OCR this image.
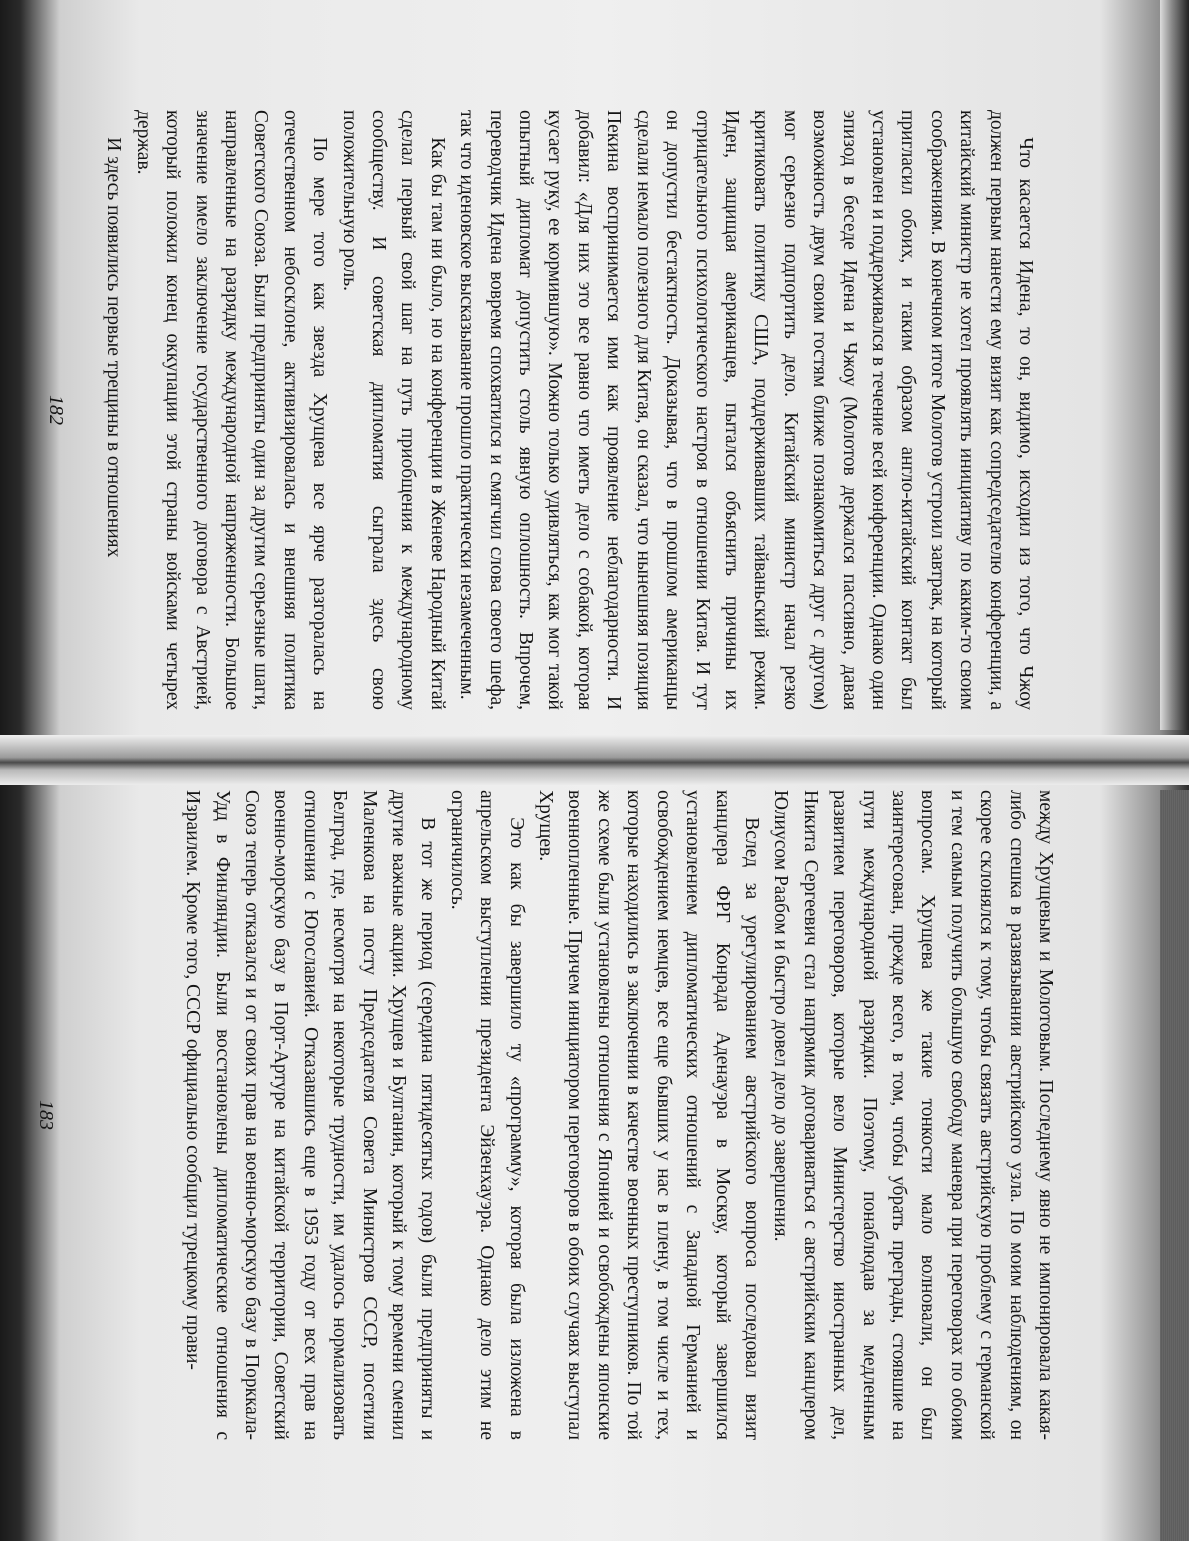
Что касается Идена, то он, видимо, исходил из того, что Чжоу должен первым нанести ему визит как сопредседателю конференции, а китайский министр не хотел проявлять инициативу по каким-то своим соображениям. В конечном итоге Молотов устроил завтрак, на который пригласил обоих, и таким образом англо-китайский контакт был установлен и поддерживался в течение всей конференции. Однако один эпизод в беседе Идена и Чжоу (Молотов держался пассивно, давая возможность двум своим гостям ближе познакомиться друг с другом) мог серьезно подпортить дело. Китайский министр начал резко критиковать политику США, поддерживавших тайваньский режим. Иден, защищая американцев, пытался объяснить причины их отрицательного психологического настроя в отношении Китая. И тут он допустил бестактность. Доказывая, что в прошлом американцы сделали немало полезного для Китая, он сказал, что нынешняя позиция Пекина воспринимается ими как проявление неблагодарности. И добавил: «Для них это все равно что иметь дело с собакой, которая кусает руку, ее кормившую». Можно только удивляться, как мог такой опытный дипломат допустить столь явную оплошность. Впрочем, переводчик Идена вовремя спохватился и смягчил слова своего шефа, так что иденовское высказывание прошло практически незамеченным.

Как бы там ни было, но на конференции в Женеве Народный Китай сделал первый свой шаг на путь приобщения к международному сообществу. И советская дипломатия сыграла здесь свою положительную роль.

По мере того как звезда Хрущева все ярче разгоралась на отечественном небосклоне, активизировалась и внешняя политика Советского Союза. Были предприняты один за другим серьезные шаги, направленные на разрядку международной напряженности. Большое значение имело заключение государственного договора с Австрией, который положил конец оккупации этой страны войсками четырех держав.

И здесь появились первые трещины в отношениях

182

между Хрущевым и Молотовым. Последнему явно не импонировала какая-либо спешка в развязывании австрийского узла. По моим наблюдениям, он скорее склонялся к тому, чтобы связать австрийскую проблему с германской и тем самым получить большую свободу маневра при переговорах по обоим вопросам. Хрущева же такие тонкости мало волновали, он был заинтересован, прежде всего, в том, чтобы убрать преграды, стоявшие на пути международной разрядки. Поэтому, понаблюдав за медленным развитием переговоров, которые вело Министерство иностранных дел, Никита Сергеевич стал напрямик договариваться с австрийским канцлером Юлиусом Раабом и быстро довел дело до завершения.

Вслед за урегулированием австрийского вопроса последовал визит канцлера ФРГ Конрада Аденауэра в Москву, который завершился установлением дипломатических отношений с Западной Германией и освобождением немцев, все еще бывших у нас в плену, в том числе и тех, которые находились в заключении в качестве военных преступников. По той же схеме были установлены отношения с Японией и освобождены японские военнопленные. Причем инициатором переговоров в обоих случаях выступал Хрущев.

Это как бы завершило ту «программу», которая была изложена в апрельском выступлении президента Эйзенхауэра. Однако дело этим не ограничилось.

В тот же период (середина пятидесятых годов) были предприняты и другие важные акции. Хрущев и Булганин, который к тому времени сменил Маленкова на посту Председателя Совета Министров СССР, посетили Белград, где, несмотря на некоторые трудности, им удалось нормализовать отношения с Югославией. Отказавшись еще в 1953 году от всех прав на военно-морскую базу в Порт-Артуре на китайской территории, Советский Союз теперь отказался и от своих прав на военно-морскую базу в Порккала-Удд в Финляндии. Были восстановлены дипломатические отношения с Израилем. Кроме того, СССР официально сообщил турецкому прави-

183
